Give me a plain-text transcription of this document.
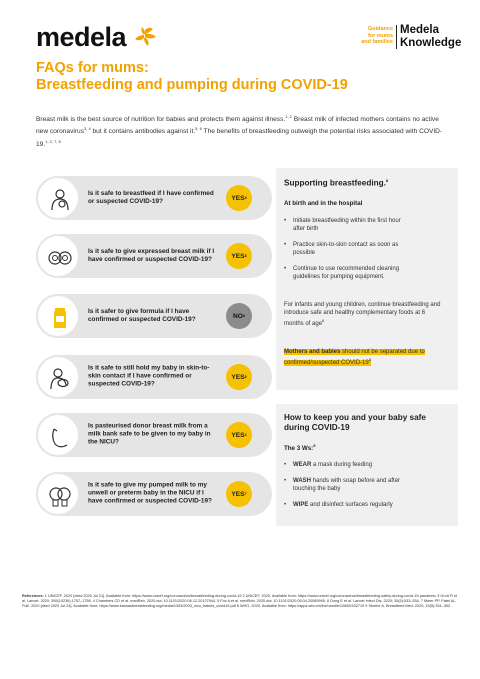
medela	Guidance
for mums
and families
Medela
Knowledge
FAQs for mums:
Breastfeeding and pumping during COVID-19
Breast milk is the best source of nutrition for babies and protects them against illness.$^{1, 2}$ Breast milk of infected mothers contains no active new coronavirus$^{3, 4}$ but it contains antibodies against it.$^{5, 6}$ The benefits of breastfeeding outweigh the potential risks associated with COVID-19.$^{1, 2, 7, 8}$
Is it safe to breastfeed if I have confirmed or suspected COVID-19?	YES 8
Is it safe to give expressed breast milk if I have confirmed or suspected COVID-19?	YES 8
Is it safer to give formula if I have confirmed or suspected COVID-19?	NO 8
Is it safe to still hold my baby in skin-to-skin contact if I have confirmed or suspected COVID-19?
YES 8
Is pasteurised donor breast milk from a milk bank safe to be given to my baby in the NICU?
YES 4
Is it safe to give my pumped milk to my unwell or preterm baby in the NICU if I have confirmed or suspected COVID-19?
YES 7
Supporting breastfeeding.$^8$
At birth and in the hospital
• Initiate breastfeeding within the first hour after birth
• Practice skin-to-skin contact as soon as possible
• Continue to use recommended cleaning guidelines for pumping equipment.

For infants and young children, continue breastfeeding and introduce safe and healthy complementary foods at 6 months of age$^8$

Mothers and babies should not be separated due to confirmed/suspected COVID-$19^8$

How to keep you and your baby safe during COVID-19
The 3 Ws:$^9$
• WEAR a mask during feeding
• WASH hands with soap before and after touching the baby
• WIPE and disinfect surfaces regularly
References: 1 UNICEF, 2020 [cited 2020 Jul 21]. Available from: https://www.unicef.org/coronavirus/breastfeeding-during-covid-19 2 UNICEF, 2020. Available from: https://www.unicef.org/coronavirus/breastfeeding-safely-during-covid-19-pandemic 3 Groß R et al. Lancet. 2020; 395(10239):1757–1758. 4 Chambers CD et al. medRxiv. 2020.doi: 10.1101/2020.06.12.20127944. 5 Fox A et al. medRxiv. 2020.doi: 10.1101/2020.05.04.20089995. 6 Dong E et al. Lancet Infect Dis. 2020; 20(5):533–534. 7 Meier PP, Patel AL, Fulll. 2020 [cited 2020 Jul 24]. Available from: https://www.kansasbreastfeeding.org/media/1353/2003_nicu_babies_covid19.pdf 8 WHO, 2020. Available from: https://apps.who.int/iris/handle/10665/332719 9 Stuebe A. Breastfeed Med. 2020; 15(5):351–352.
